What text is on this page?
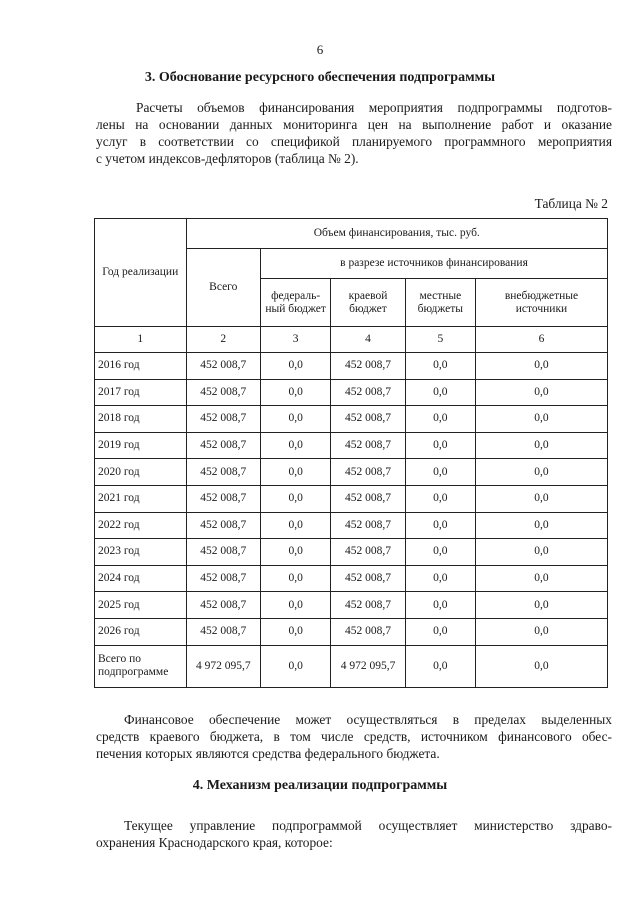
6
3. Обоснование ресурсного обеспечения подпрограммы
Расчеты объемов финансирования мероприятия подпрограммы подготов-
лены на основании данных мониторинга цен на выполнение работ и оказание
услуг в соответствии со спецификой планируемого программного мероприятия
с учетом индексов-дефляторов (таблица № 2).
Таблица № 2
Год реализации	Объем финансирования, тыс. руб.				
	Всего	в разрезе источников финансирования			
		федераль-ный бюджет	краевой бюджет	местные бюджеты	внебюджетные источники
1	2	3	4	5	6
2016 год	452 008,7	0,0	452 008,7	0,0	0,0
2017 год	452 008,7	0,0	452 008,7	0,0	0,0
2018 год	452 008,7	0,0	452 008,7	0,0	0,0
2019 год	452 008,7	0,0	452 008,7	0,0	0,0
2020 год	452 008,7	0,0	452 008,7	0,0	0,0
2021 год	452 008,7	0,0	452 008,7	0,0	0,0
2022 год	452 008,7	0,0	452 008,7	0,0	0,0
2023 год	452 008,7	0,0	452 008,7	0,0	0,0
2024 год	452 008,7	0,0	452 008,7	0,0	0,0
2025 год	452 008,7	0,0	452 008,7	0,0	0,0
2026 год	452 008,7	0,0	452 008,7	0,0	0,0
Всего по подпрограмме	4 972 095,7	0,0	4 972 095,7	0,0	0,0
Финансовое обеспечение может осуществляться в пределах выделенных
средств краевого бюджета, в том числе средств, источником финансового обес-
печения которых являются средства федерального бюджета.
4. Механизм реализации подпрограммы
Текущее управление подпрограммой осуществляет министерство здраво-
охранения Краснодарского края, которое:
